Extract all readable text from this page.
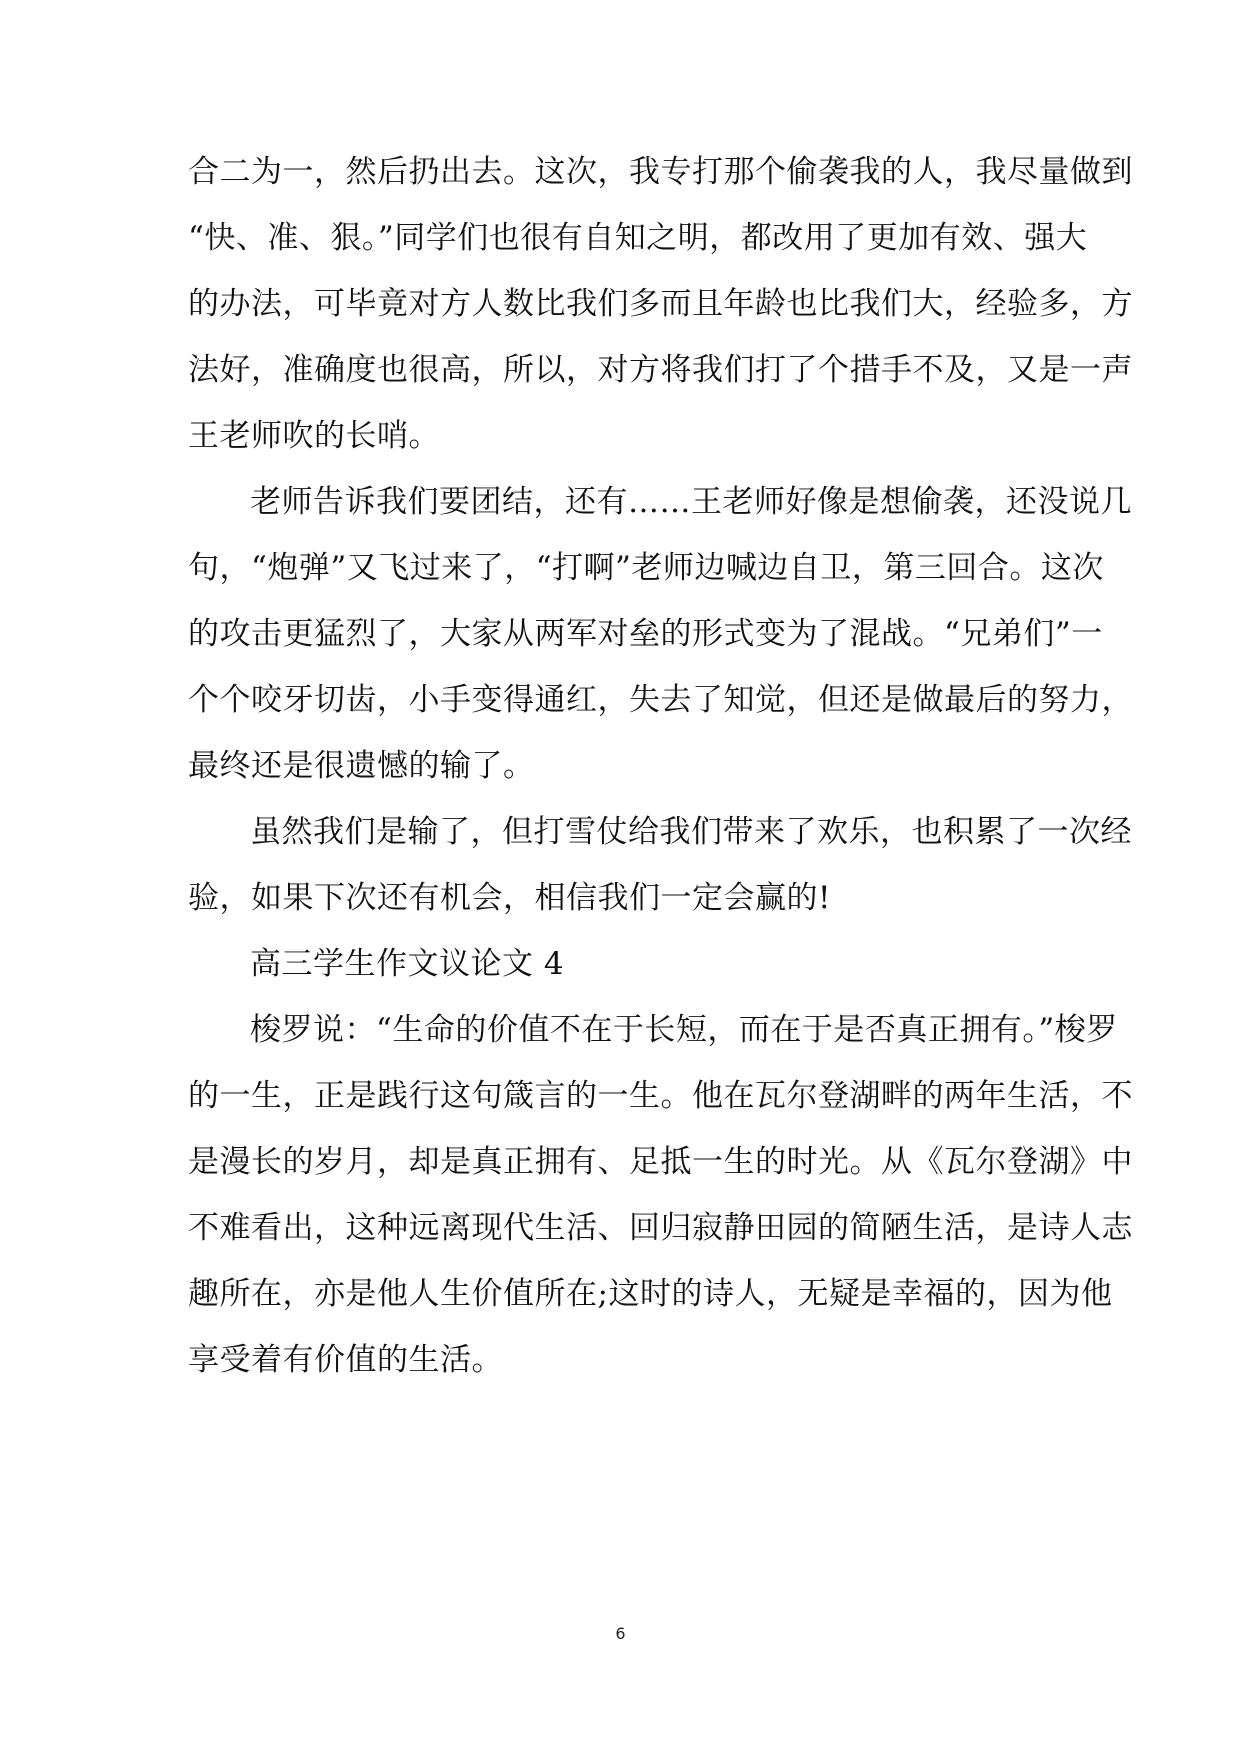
合二为一，然后扔出去。这次，我专打那个偷袭我的人，我尽量做到
“快、准、狠。”同学们也很有自知之明，都改用了更加有效、强大
的办法，可毕竟对方人数比我们多而且年龄也比我们大，经验多，方
法好，准确度也很高，所以，对方将我们打了个措手不及，又是一声
王老师吹的长哨。
老师告诉我们要团结，还有……王老师好像是想偷袭，还没说几
句，“炮弹”又飞过来了，“打啊”老师边喊边自卫，第三回合。这次
的攻击更猛烈了，大家从两军对垒的形式变为了混战。“兄弟们”一
个个咬牙切齿，小手变得通红，失去了知觉，但还是做最后的努力，
最终还是很遗憾的输了。
虽然我们是输了，但打雪仗给我们带来了欢乐，也积累了一次经
验，如果下次还有机会，相信我们一定会赢的!
高三学生作文议论文 4
梭罗说：“生命的价值不在于长短，而在于是否真正拥有。”梭罗
的一生，正是践行这句箴言的一生。他在瓦尔登湖畔的两年生活，不
是漫长的岁月，却是真正拥有、足抵一生的时光。从《瓦尔登湖》中
不难看出，这种远离现代生活、回归寂静田园的简陋生活，是诗人志
趣所在，亦是他人生价值所在;这时的诗人，无疑是幸福的，因为他
享受着有价值的生活。
6
